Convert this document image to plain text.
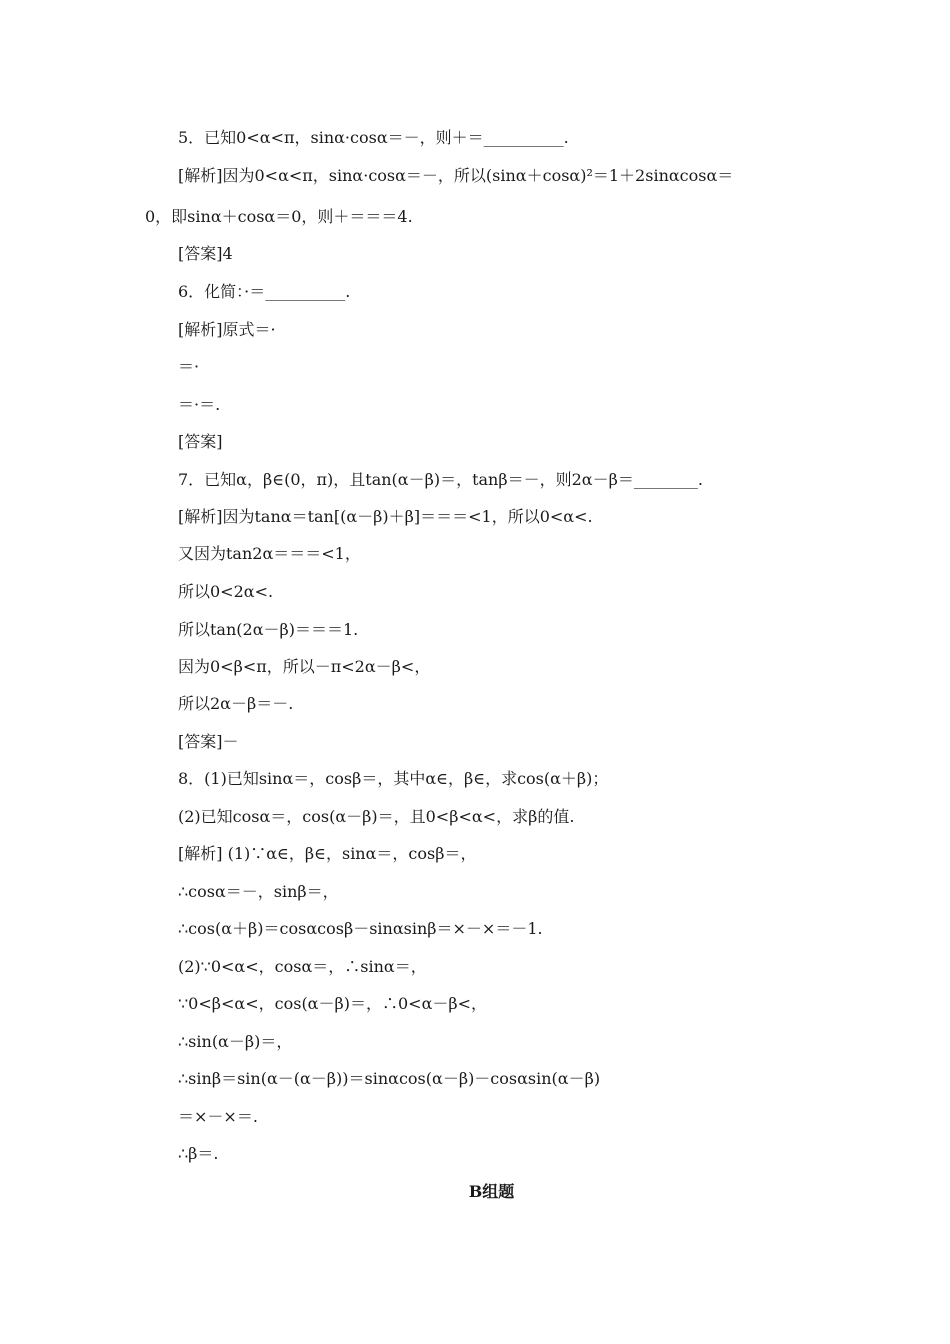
5．已知0<α<π，sinα·cosα＝－，则＋＝__________.
[解析]因为0<α<π，sinα·cosα＝－，所以(sinα＋cosα)²＝1＋2sinαcosα＝
0，即sinα＋cosα＝0，则＋＝＝＝4.
[答案]4
6．化简：·＝__________.
[解析]原式＝·
＝·
＝·＝.
[答案]
7．已知α，β∈(0，π)，且tan(α－β)＝，tanβ＝－，则2α－β＝________.
[解析]因为tanα＝tan[(α－β)＋β]＝＝＝<1，所以0<α<.
又因为tan2α＝＝＝<1，
所以0<2α<.
所以tan(2α－β)＝＝＝1.
因为0<β<π，所以－π<2α－β<，
所以2α－β＝－.
[答案]－
8．(1)已知sinα＝，cosβ＝，其中α∈，β∈，求cos(α＋β)；
(2)已知cosα＝，cos(α－β)＝，且0<β<α<，求β的值.
[解析] (1)∵α∈，β∈，sinα＝，cosβ＝，
∴cosα＝－，sinβ＝，
∴cos(α＋β)＝cosαcosβ－sinαsinβ＝×－×＝－1.
(2)∵0<α<，cosα＝，∴sinα＝，
∵0<β<α<，cos(α－β)＝，∴0<α－β<，
∴sin(α－β)＝，
∴sinβ＝sin(α－(α－β))＝sinαcos(α－β)－cosαsin(α－β)
＝×－×＝.
∴β＝.
B组题
